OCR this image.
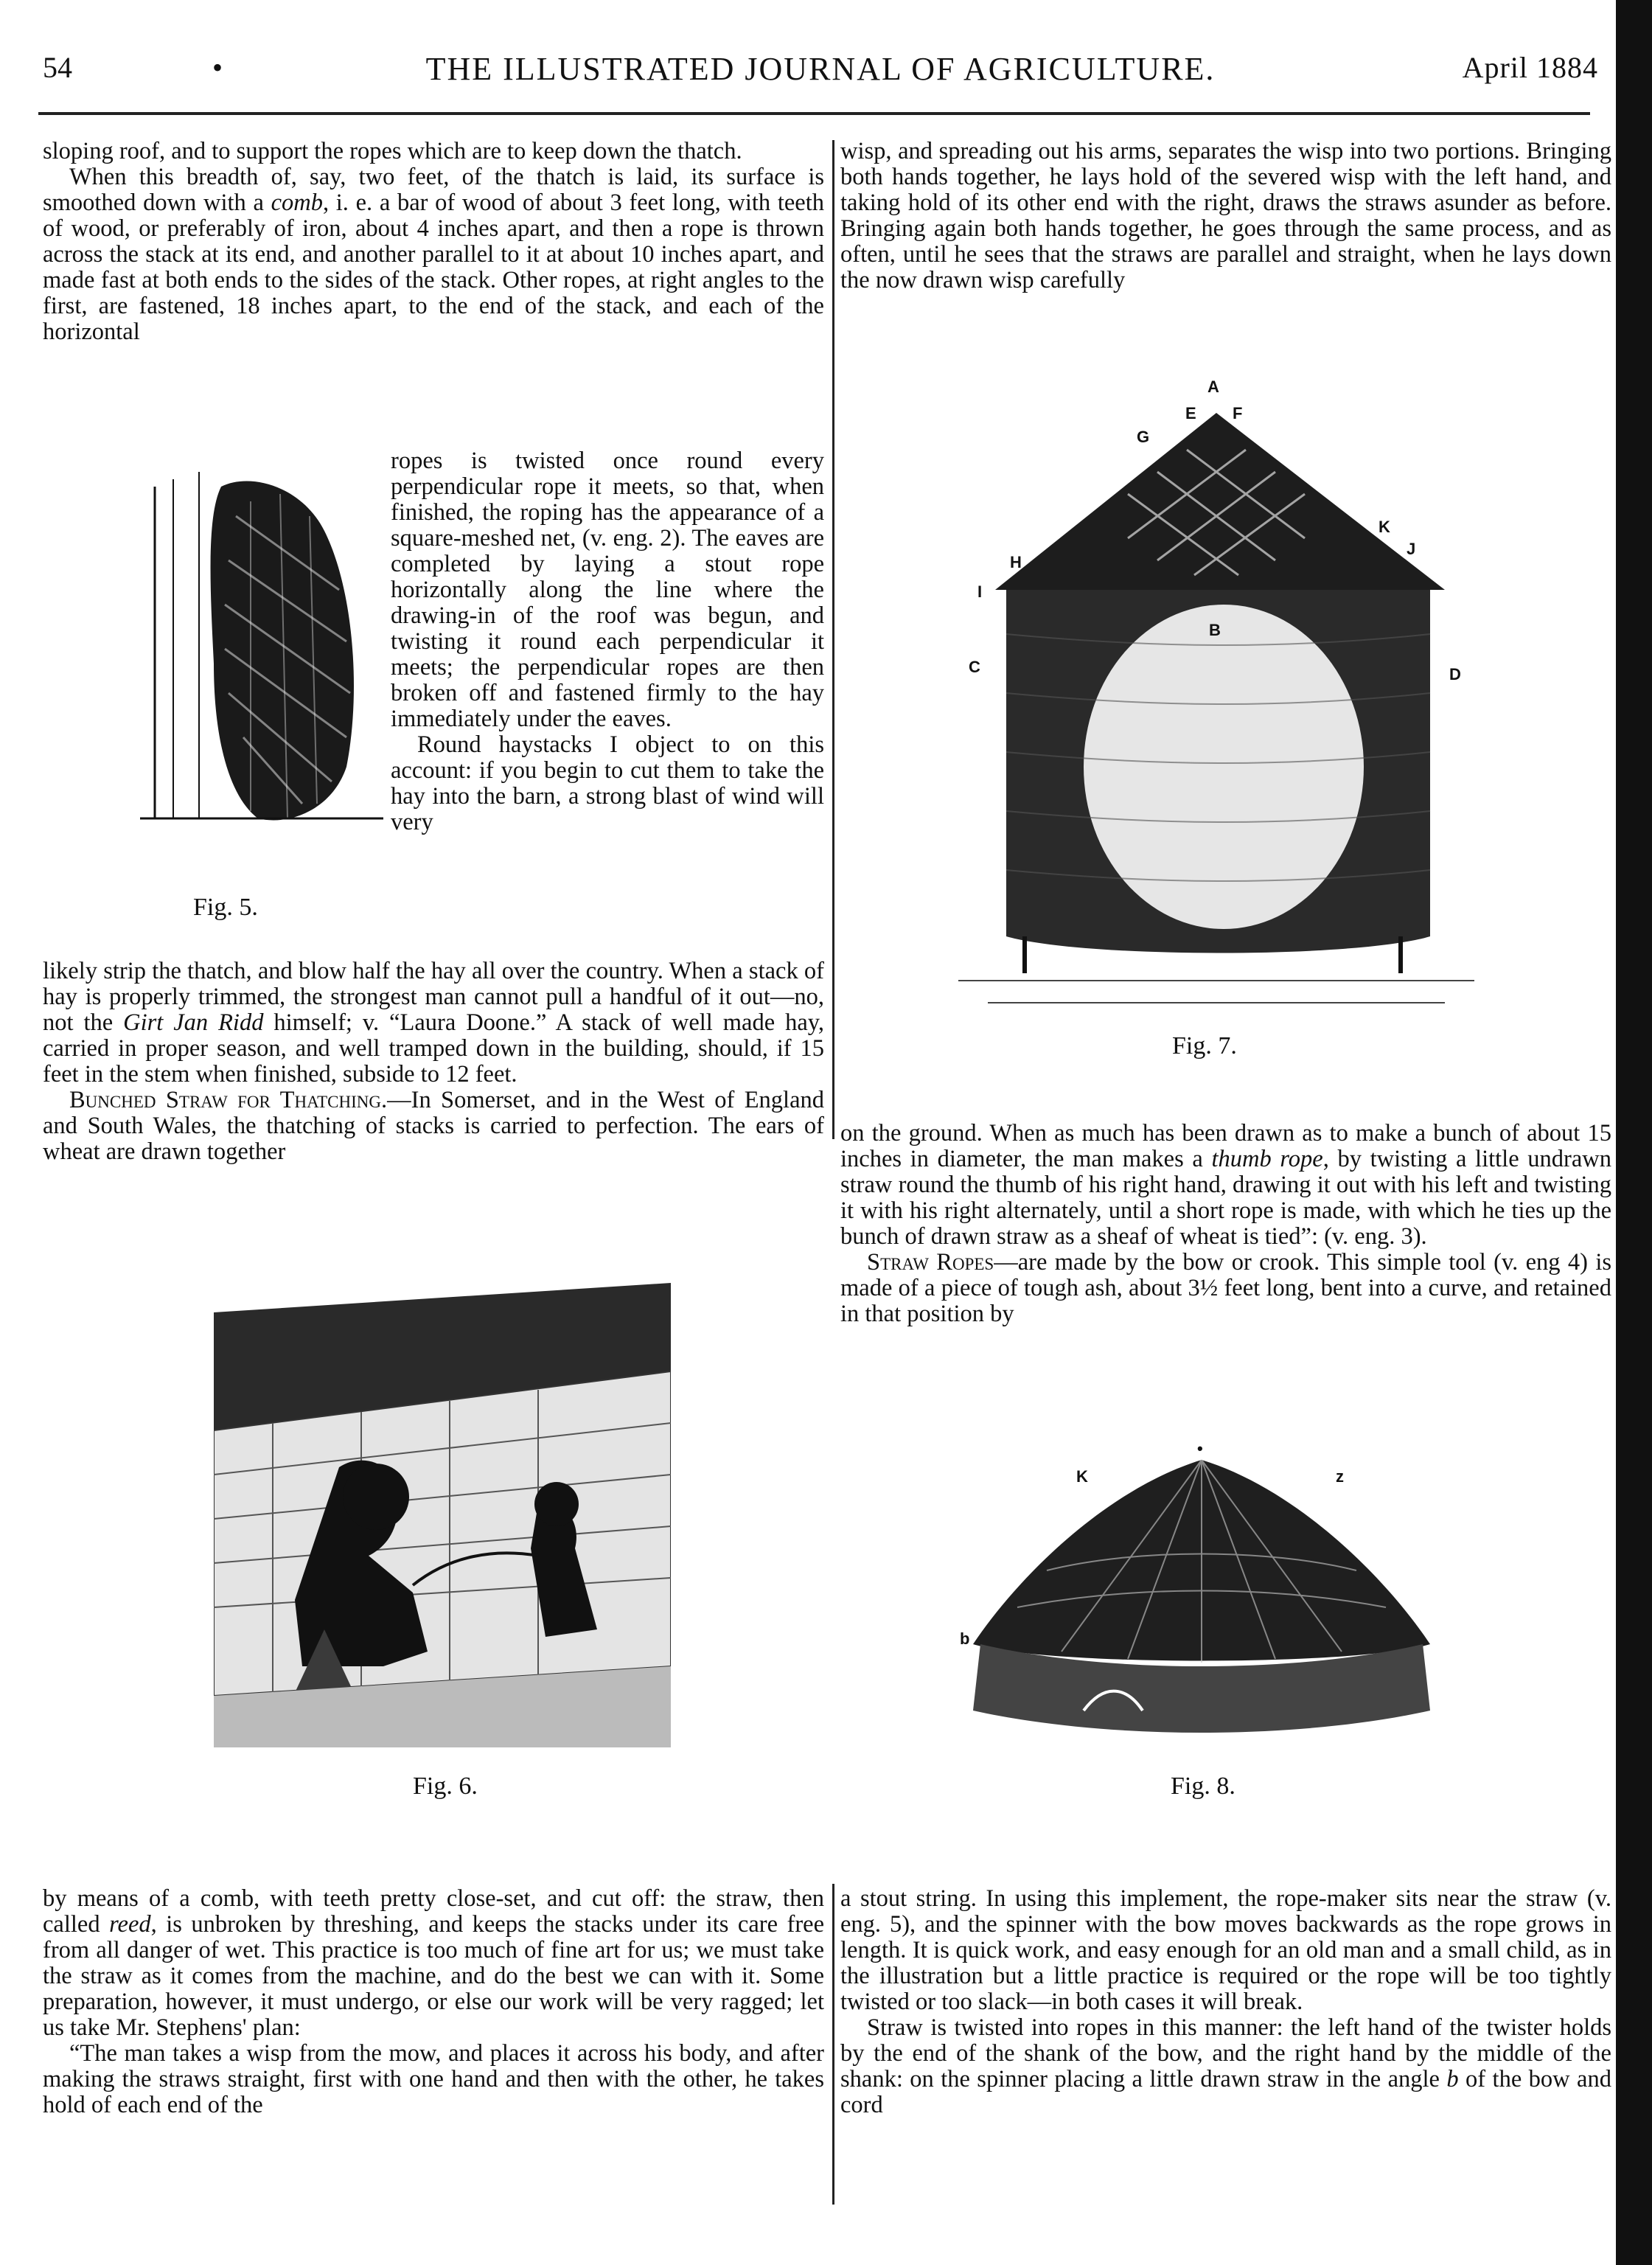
54	•	THE ILLUSTRATED JOURNAL OF AGRICULTURE.	April 1884

sloping roof, and to support the ropes which are to keep down the thatch.

When this breadth of, say, two feet, of the thatch is laid, its surface is smoothed down with a comb, i. e. a bar of wood of about 3 feet long, with teeth of wood, or preferably of iron, about 4 inches apart, and then a rope is thrown across the stack at its end, and another parallel to it at about 10 inches apart, and made fast at both ends to the sides of the stack. Other ropes, at right angles to the first, are fastened, 18 inches apart, to the end of the stack, and each of the horizontal

ropes is twisted once round every perpendicular rope it meets, so that, when finished, the roping has the appearance of a square-meshed net, (v. eng. 2). The eaves are completed by laying a stout rope horizontally along the line where the drawing-in of the roof was begun, and twisting it round each perpendicular it meets; the perpendicular ropes are then broken off and fastened firmly to the hay immediately under the eaves.

Round haystacks I object to on this account: if you begin to cut them to take the hay into the barn, a strong blast of wind will very

Fig. 5.

likely strip the thatch, and blow half the hay all over the country. When a stack of hay is properly trimmed, the strongest man cannot pull a handful of it out—no, not the Girt Jan Ridd himself; v. “Laura Doone.” A stack of well made hay, carried in proper season, and well tramped down in the building, should, if 15 feet in the stem when finished, subside to 12 feet.

Bunched Straw for Thatching.—In Somerset, and in the West of England and South Wales, the thatching of stacks is carried to perfection. The ears of wheat are drawn together

Fig. 6.

by means of a comb, with teeth pretty close-set, and cut off: the straw, then called reed, is unbroken by threshing, and keeps the stacks under its care free from all danger of wet. This practice is too much of fine art for us; we must take the straw as it comes from the machine, and do the best we can with it. Some preparation, however, it must undergo, or else our work will be very ragged; let us take Mr. Stephens' plan:

“The man takes a wisp from the mow, and places it across his body, and after making the straws straight, first with one hand and then with the other, he takes hold of each end of the

wisp, and spreading out his arms, separates the wisp into two portions. Bringing both hands together, he lays hold of the severed wisp with the left hand, and taking hold of its other end with the right, draws the straws asunder as before. Bringing again both hands together, he goes through the same process, and as often, until he sees that the straws are parallel and straight, when he lays down the now drawn wisp carefully

A
E F
G
H
I
K
J
B
C	D
Fig. 7.

on the ground. When as much has been drawn as to make a bunch of about 15 inches in diameter, the man makes a thumb rope, by twisting a little undrawn straw round the thumb of his right hand, drawing it out with his left and twisting it with his right alternately, until a short rope is made, with which he ties up the bunch of drawn straw as a sheaf of wheat is tied”: (v. eng. 3).

Straw Ropes—are made by the bow or crook. This simple tool (v. eng 4) is made of a piece of tough ash, about 3½ feet long, bent into a curve, and retained in that position by

•
K	z
b
Fig. 8.

a stout string. In using this implement, the rope-maker sits near the straw (v. eng. 5), and the spinner with the bow moves backwards as the rope grows in length. It is quick work, and easy enough for an old man and a small child, as in the illustration but a little practice is required or the rope will be too tightly twisted or too slack—in both cases it will break.

Straw is twisted into ropes in this manner: the left hand of the twister holds by the end of the shank of the bow, and the right hand by the middle of the shank: on the spinner placing a little drawn straw in the angle b of the bow and cord
